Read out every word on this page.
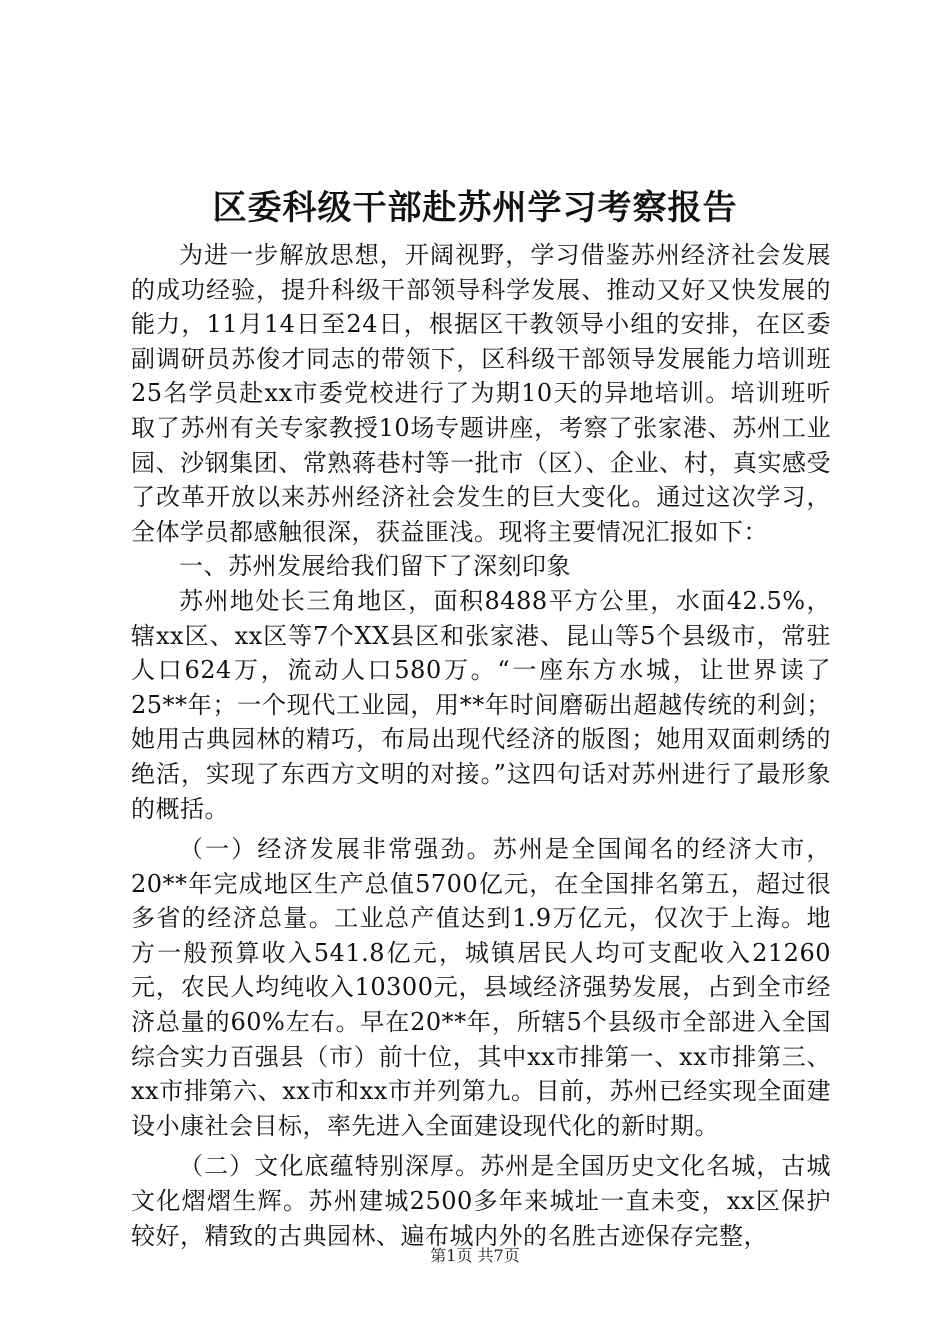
区委科级干部赴苏州学习考察报告

为进一步解放思想，开阔视野，学习借鉴苏州经济社会发展的成功经验，提升科级干部领导科学发展、推动又好又快发展的能力，11月14日至24日，根据区干教领导小组的安排，在区委副调研员苏俊才同志的带领下，区科级干部领导发展能力培训班25名学员赴xx市委党校进行了为期10天的异地培训。培训班听取了苏州有关专家教授10场专题讲座，考察了张家港、苏州工业园、沙钢集团、常熟蒋巷村等一批市（区）、企业、村，真实感受了改革开放以来苏州经济社会发生的巨大变化。通过这次学习，全体学员都感触很深，获益匪浅。现将主要情况汇报如下：

一、苏州发展给我们留下了深刻印象

苏州地处长三角地区，面积8488平方公里，水面42.5%，辖xx区、xx区等7个XX县区和张家港、昆山等5个县级市，常驻人口624万，流动人口580万。“一座东方水城，让世界读了25**年；一个现代工业园，用**年时间磨砺出超越传统的利剑；她用古典园林的精巧，布局出现代经济的版图；她用双面刺绣的绝活，实现了东西方文明的对接。”这四句话对苏州进行了最形象的概括。

（一）经济发展非常强劲。苏州是全国闻名的经济大市，20**年完成地区生产总值5700亿元，在全国排名第五，超过很多省的经济总量。工业总产值达到1.9万亿元，仅次于上海。地方一般预算收入541.8亿元，城镇居民人均可支配收入21260元，农民人均纯收入10300元，县域经济强势发展，占到全市经济总量的60%左右。早在20**年，所辖5个县级市全部进入全国综合实力百强县（市）前十位，其中xx市排第一、xx市排第三、xx市排第六、xx市和xx市并列第九。目前，苏州已经实现全面建设小康社会目标，率先进入全面建设现代化的新时期。

（二）文化底蕴特别深厚。苏州是全国历史文化名城，古城文化熠熠生辉。苏州建城2500多年来城址一直未变，xx区保护较好，精致的古典园林、遍布城内外的名胜古迹保存完整，

第1页 共7页
